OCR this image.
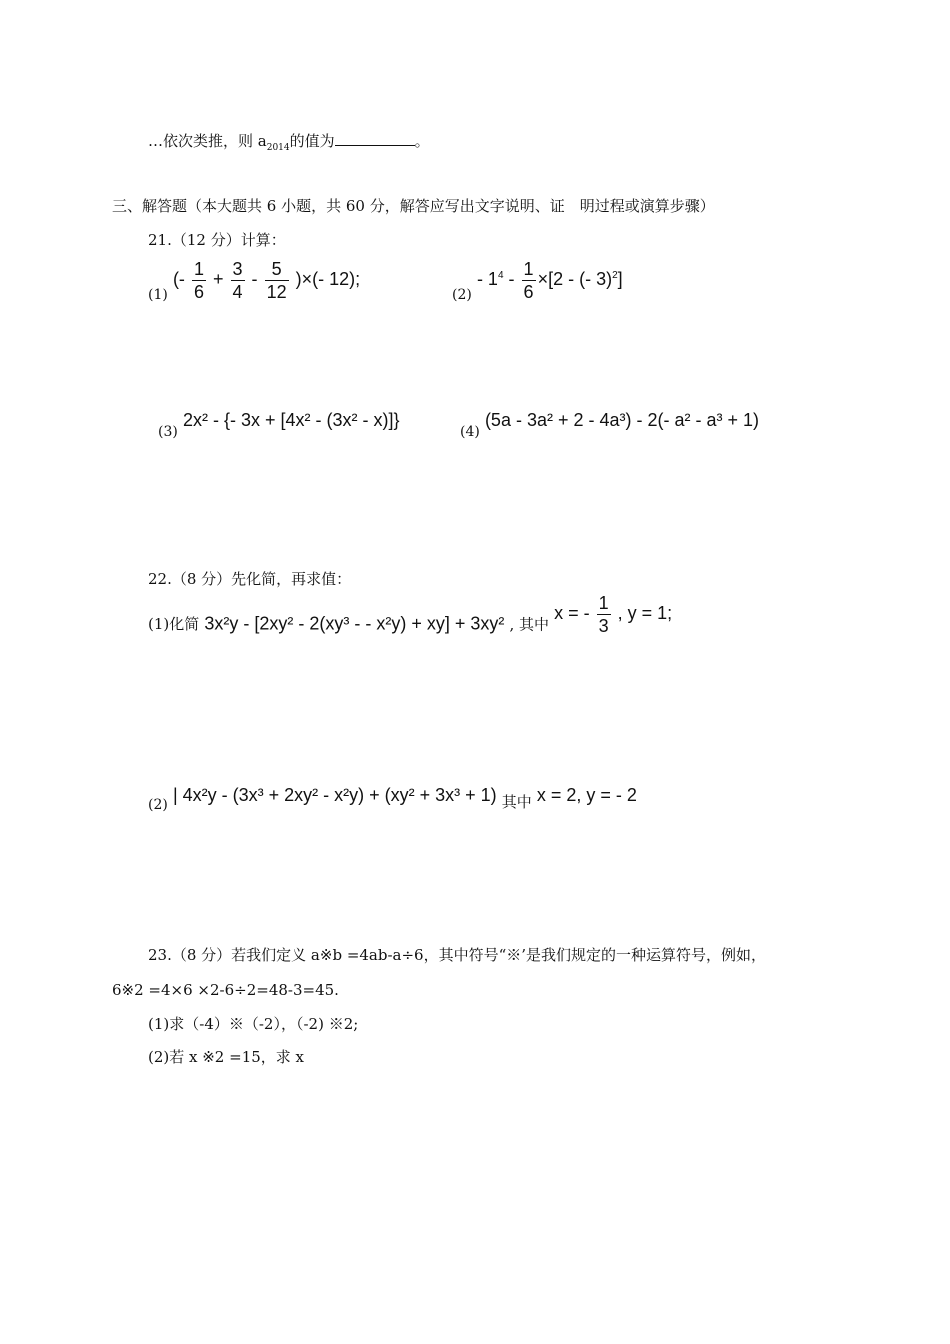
…依次类推，则 $a_{2014}$的值为	。
三、解答题（本大题共 6 小题，共 60 分，解答应写出文字说明、证　明过程或演算步骤）
21.（12 分）计算：
(1) (- $\frac{1}{6} + \frac{3}{4} - \frac{5}{12}$ )×(- 12);
$(2) - 1^4 - \frac{1}{6} \times[2$ - (- 3)$^2$]
(3) 2x² - {- 3x + [4x² - (3x² - x)]}
(4) (5a - 3a² + 2 - 4a³) - 2(- a² - a³ + 1)
22.（8 分）先化简，再求值：
(1)化简 3x²y - [2xy² - 2(xy³ - - x²y) + xy] + 3xy² , 其中 x = - $\frac{1}{3}$ , y = 1;
(2) | 4x²y - (3x³ + 2xy² - x²y) + (xy² + 3x³ + 1) 其中 x = 2, y = - 2
23.（8 分）若我们定义 a※b =4ab-a÷6，其中符号“※’是我们规定的一种运算符号，例如，
6※2 =4×6 ×2-6÷2=48-3=45.
(1)求（-4）※（-2），（-2) ※2;
(2)若 x ※2 =15，求 x
